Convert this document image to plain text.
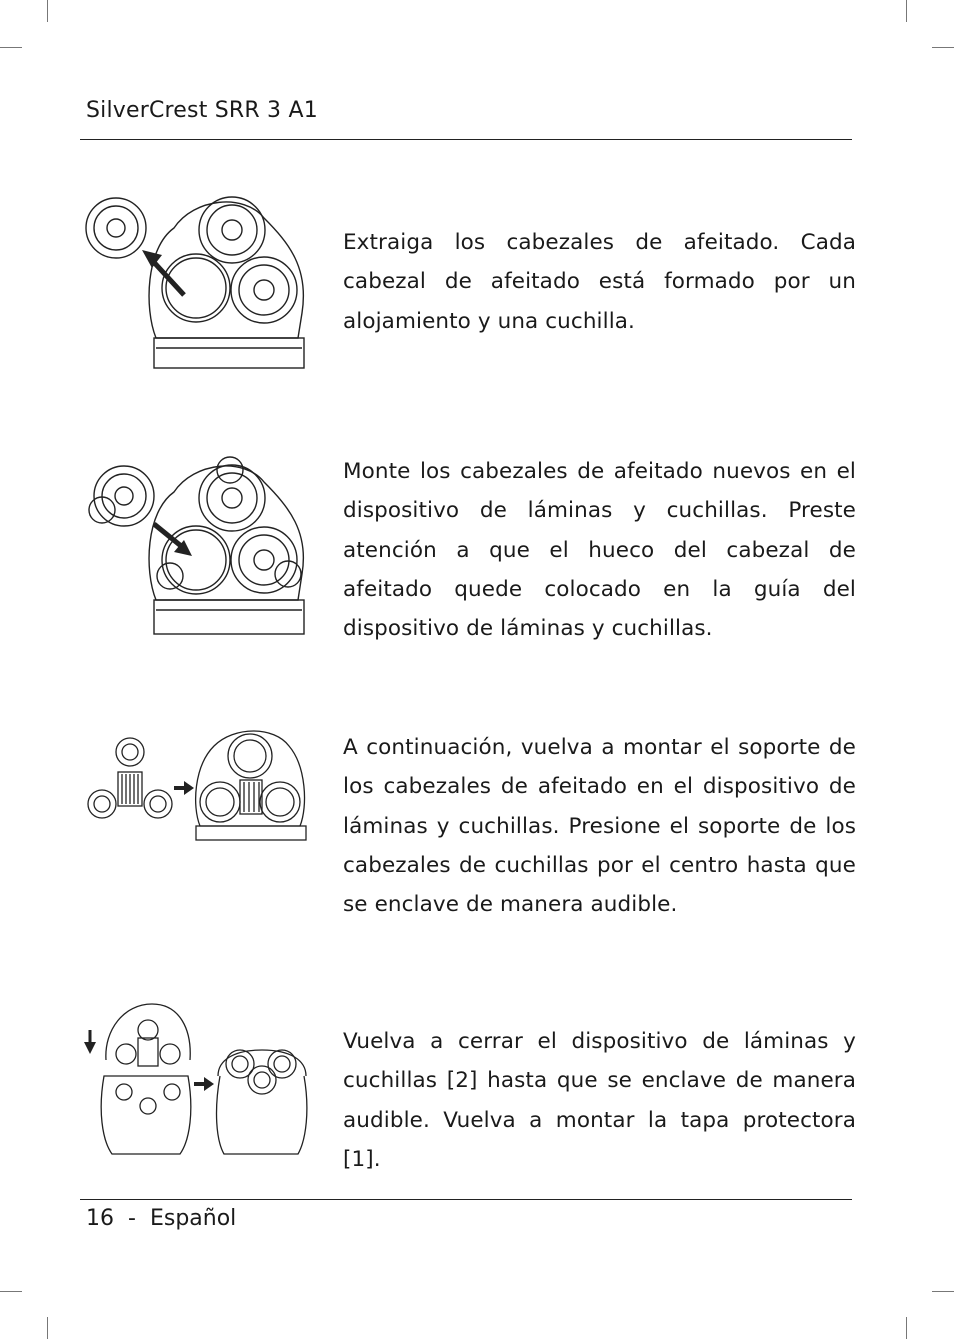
SilverCrest SRR 3 A1
Extraiga los cabezales de afeitado. Cada cabezal de afeitado está formado por un alojamiento y una cuchilla.
Monte los cabezales de afeitado nuevos en el dispositivo de láminas y cuchillas. Preste atención a que el hueco del cabezal de afeitado quede colocado en la guía del dispositivo de láminas y cuchillas.
A continuación, vuelva a montar el soporte de los cabezales de afeitado en el dispositivo de láminas y cuchillas. Presione el soporte de los cabezales de cuchillas por el centro hasta que se enclave de manera audible.
Vuelva a cerrar el dispositivo de láminas y cuchillas [2] hasta que se enclave de manera audible. Vuelva a montar la tapa protectora [1].
16 - Español
